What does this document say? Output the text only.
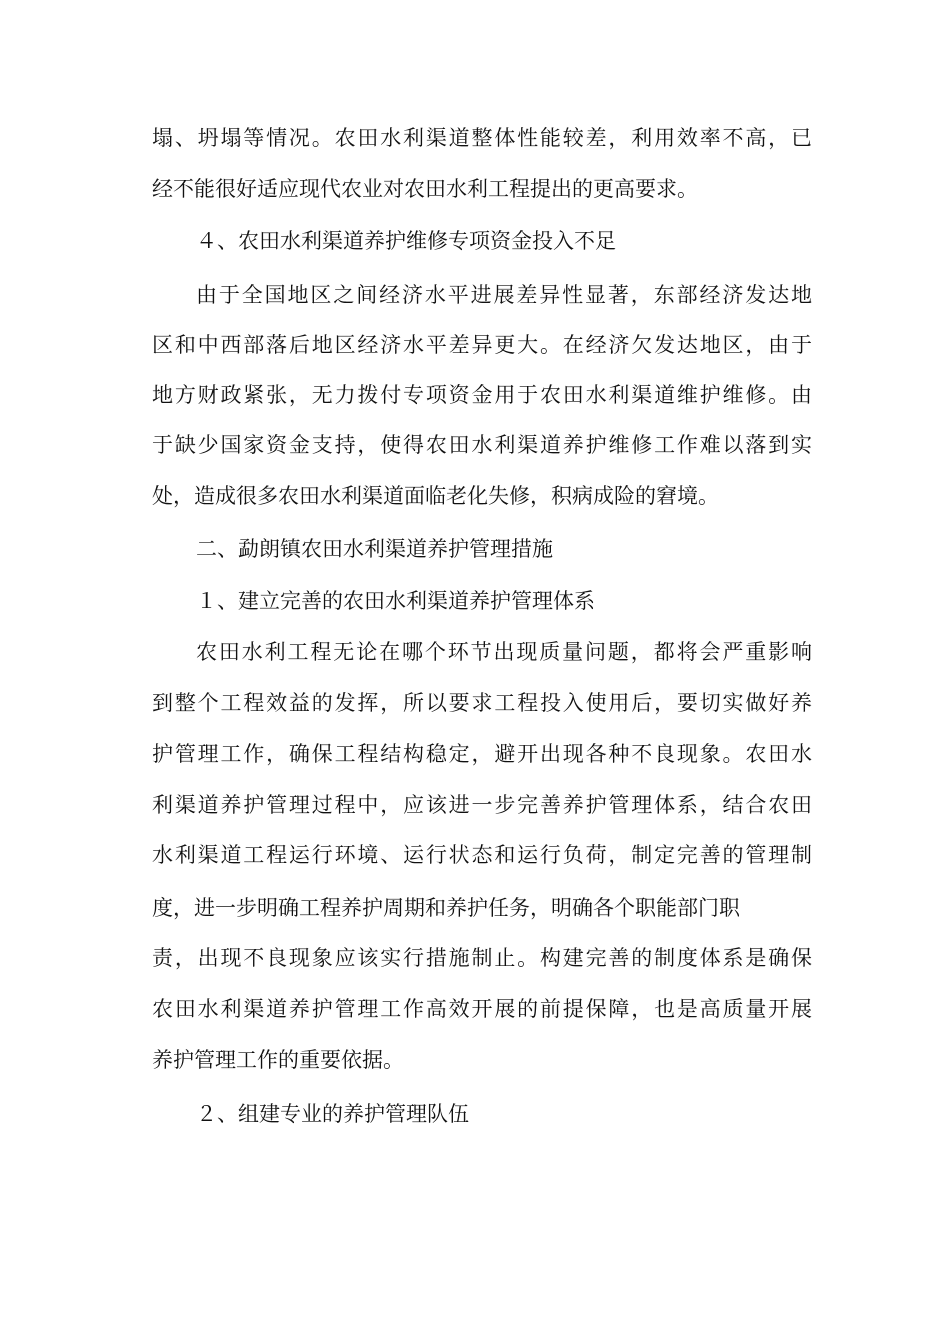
塌、坍塌等情况。农田水利渠道整体性能较差，利用效率不高，已

经不能很好适应现代农业对农田水利工程提出的更高要求。

４、农田水利渠道养护维修专项资金投入不足

由于全国地区之间经济水平进展差异性显著，东部经济发达地

区和中西部落后地区经济水平差异更大。在经济欠发达地区，由于

地方财政紧张，无力拨付专项资金用于农田水利渠道维护维修。由

于缺少国家资金支持，使得农田水利渠道养护维修工作难以落到实

处，造成很多农田水利渠道面临老化失修，积病成险的窘境。

二、勐朗镇农田水利渠道养护管理措施

１、建立完善的农田水利渠道养护管理体系

农田水利工程无论在哪个环节出现质量问题，都将会严重影响

到整个工程效益的发挥，所以要求工程投入使用后，要切实做好养

护管理工作，确保工程结构稳定，避开出现各种不良现象。农田水

利渠道养护管理过程中，应该进一步完善养护管理体系，结合农田

水利渠道工程运行环境、运行状态和运行负荷，制定完善的管理制

度，进一步明确工程养护周期和养护任务，明确各个职能部门职

责，出现不良现象应该实行措施制止。构建完善的制度体系是确保

农田水利渠道养护管理工作高效开展的前提保障，也是高质量开展

养护管理工作的重要依据。

２、组建专业的养护管理队伍
